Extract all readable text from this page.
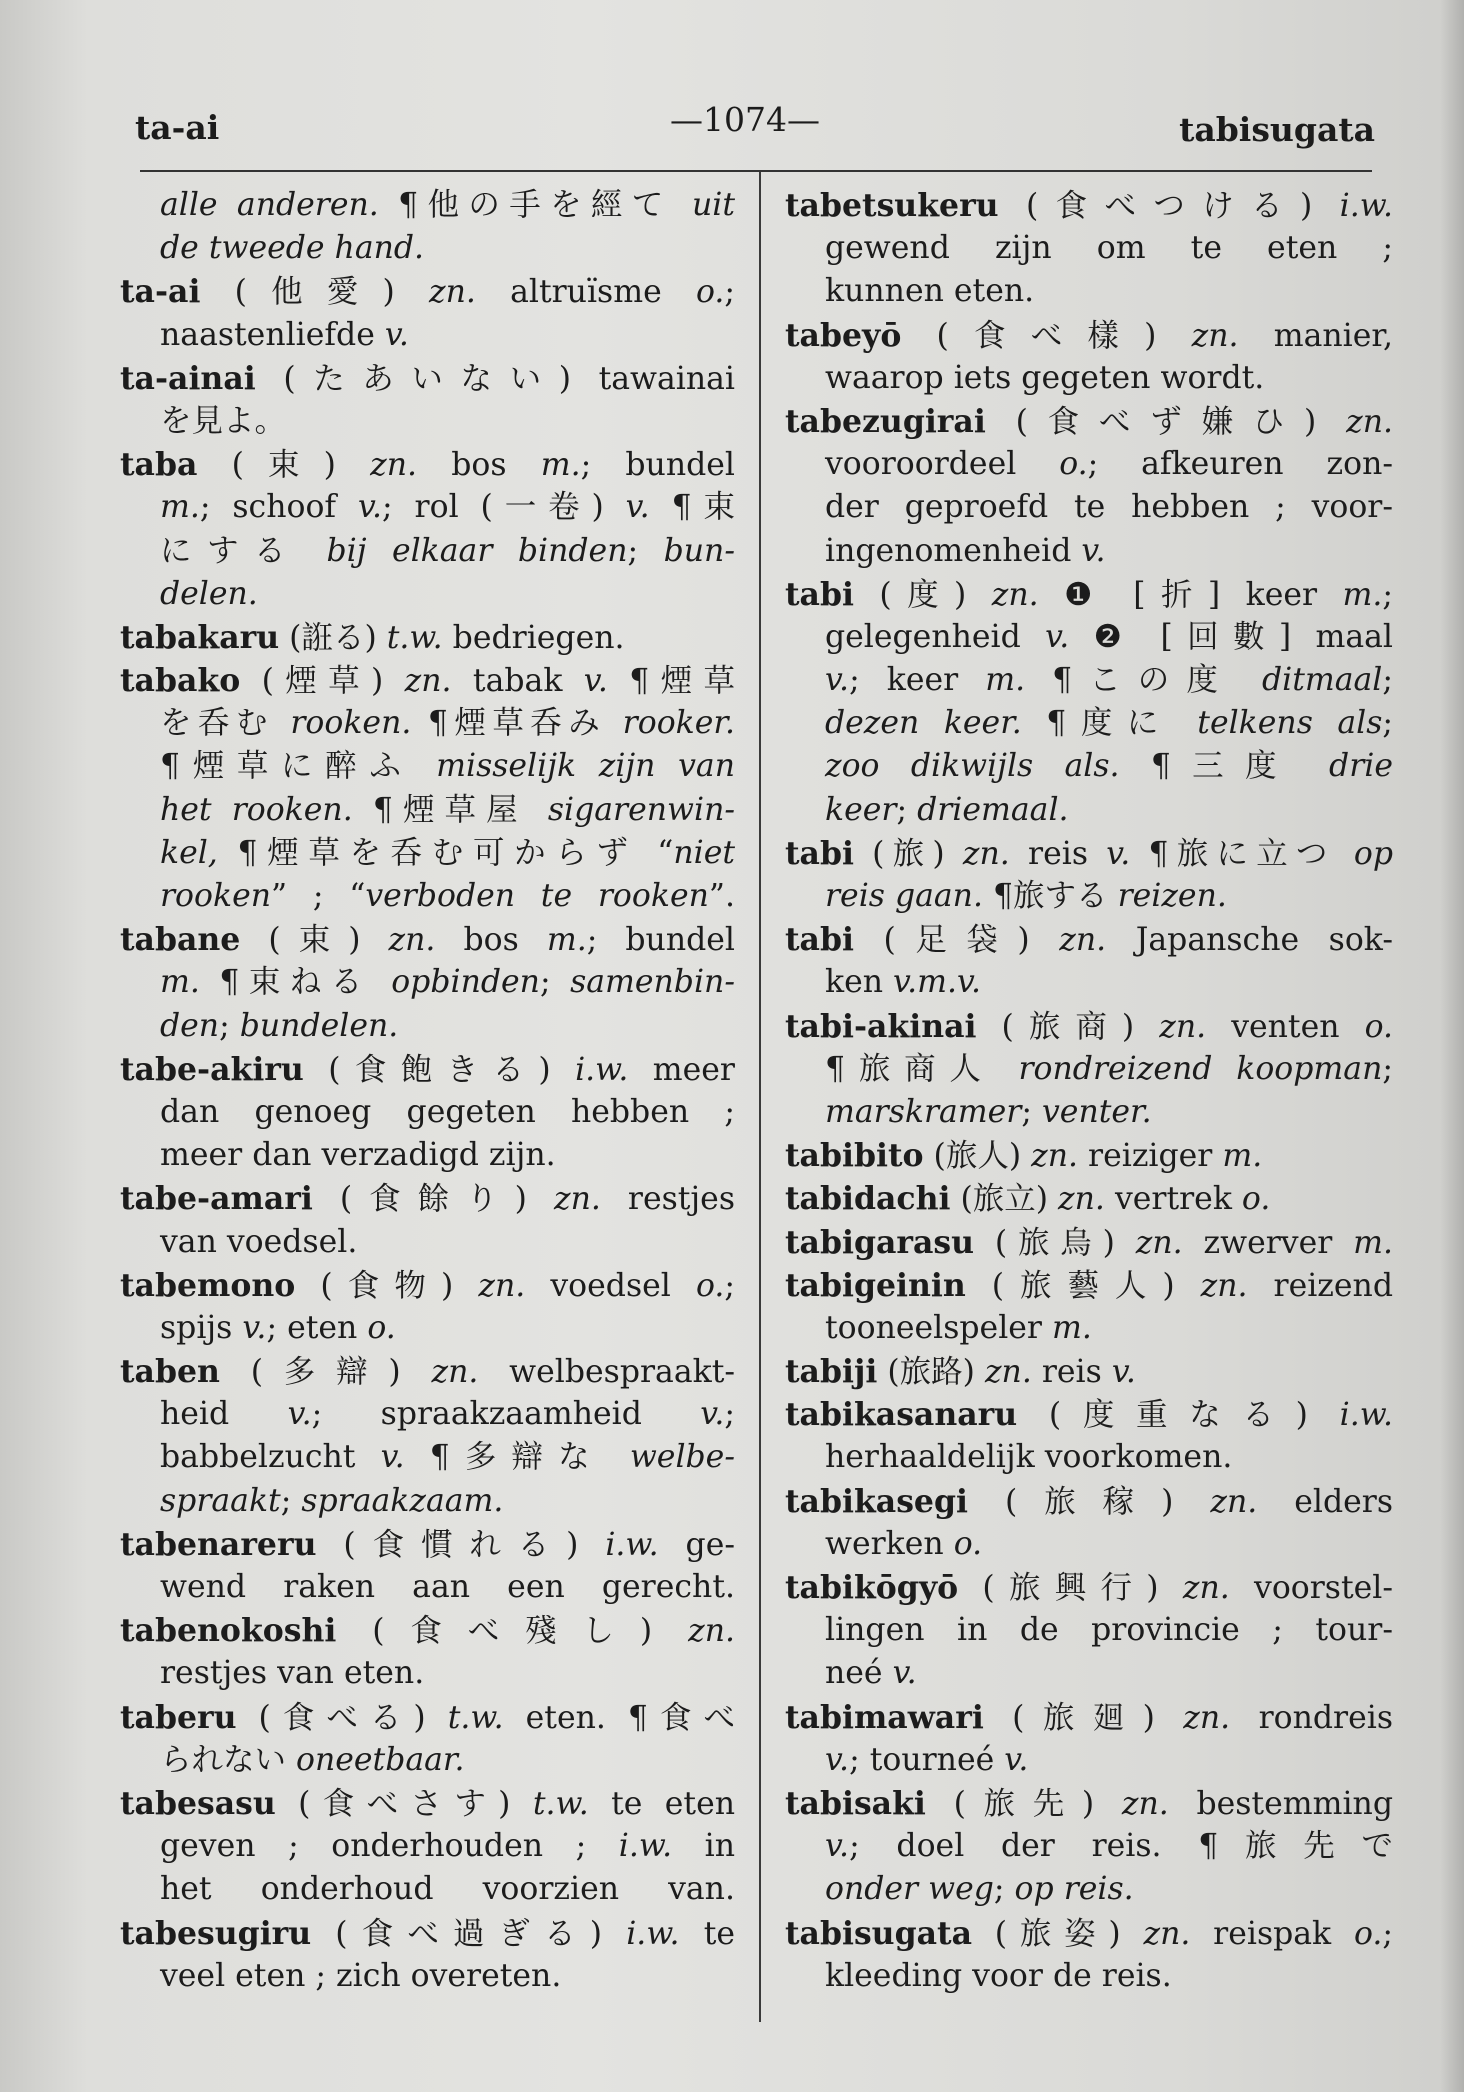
ta-ai	—1074—	tabisugata
alle anderen. ¶他の手を經て uit
de tweede hand.
ta-ai (他愛) zn. altruïsme o.;
naastenliefde v.
ta-ainai (たあいない) tawainai
を見よ。
taba (束) zn. bos m.; bundel
m.; schoof v.; rol (一卷) v. ¶束
にする bij elkaar binden; bun-
delen.
tabakaru (誑る) t.w. bedriegen.
tabako (煙草) zn. tabak v. ¶煙草
を呑む rooken. ¶煙草呑み rooker.
¶煙草に醉ふ misselijk zijn van
het rooken. ¶煙草屋 sigarenwin-
kel, ¶煙草を呑む可からず “niet
rooken” ; “verboden te rooken”.
tabane (束) zn. bos m.; bundel
m. ¶束ねる opbinden; samenbin-
den; bundelen.
tabe-akiru (食飽きる) i.w. meer
dan genoeg gegeten hebben ;
meer dan verzadigd zijn.
tabe-amari (食餘り) zn. restjes
van voedsel.
tabemono (食物) zn. voedsel o.;
spijs v.; eten o.
taben (多辯) zn. welbespraakt-
heid v.; spraakzaamheid v.;
babbelzucht v. ¶多辯な welbe-
spraakt; spraakzaam.
tabenareru (食慣れる) i.w. ge-
wend raken aan een gerecht.
tabenokoshi (食べ殘し) zn.
restjes van eten.
taberu (食べる) t.w. eten. ¶食べ
られない oneetbaar.
tabesasu (食べさす) t.w. te eten
geven ; onderhouden ; i.w. in
het onderhoud voorzien van.
tabesugiru (食べ過ぎる) i.w. te
veel eten ; zich overeten.
tabetsukeru (食べつける) i.w.
gewend zijn om te eten ;
kunnen eten.
tabeyō (食べ樣) zn. manier,
waarop iets gegeten wordt.
tabezugirai (食べず嫌ひ) zn.
vooroordeel o.; afkeuren zon-
der geproefd te hebben ; voor-
ingenomenheid v.
tabi (度) zn. ❶ [折] keer m.;
gelegenheid v. ❷ [回數] maal
v.; keer m. ¶この度 ditmaal;
dezen keer. ¶度に telkens als;
zoo dikwijls als. ¶三度 drie
keer; driemaal.
tabi (旅) zn. reis v. ¶旅に立つ op
reis gaan. ¶旅する reizen.
tabi (足袋) zn. Japansche sok-
ken v.m.v.
tabi-akinai (旅商) zn. venten o.
¶旅商人 rondreizend koopman;
marskramer; venter.
tabibito (旅人) zn. reiziger m.
tabidachi (旅立) zn. vertrek o.
tabigarasu (旅烏) zn. zwerver m.
tabigeinin (旅藝人) zn. reizend
tooneelspeler m.
tabiji (旅路) zn. reis v.
tabikasanaru (度重なる) i.w.
herhaaldelijk voorkomen.
tabikasegi (旅稼) zn. elders
werken o.
tabikōgyō (旅興行) zn. voorstel-
lingen in de provincie ; tour-
neé v.
tabimawari (旅廻) zn. rondreis
v.; tourneé v.
tabisaki (旅先) zn. bestemming
v.; doel der reis. ¶旅先で
onder weg; op reis.
tabisugata (旅姿) zn. reispak o.;
kleeding voor de reis.
